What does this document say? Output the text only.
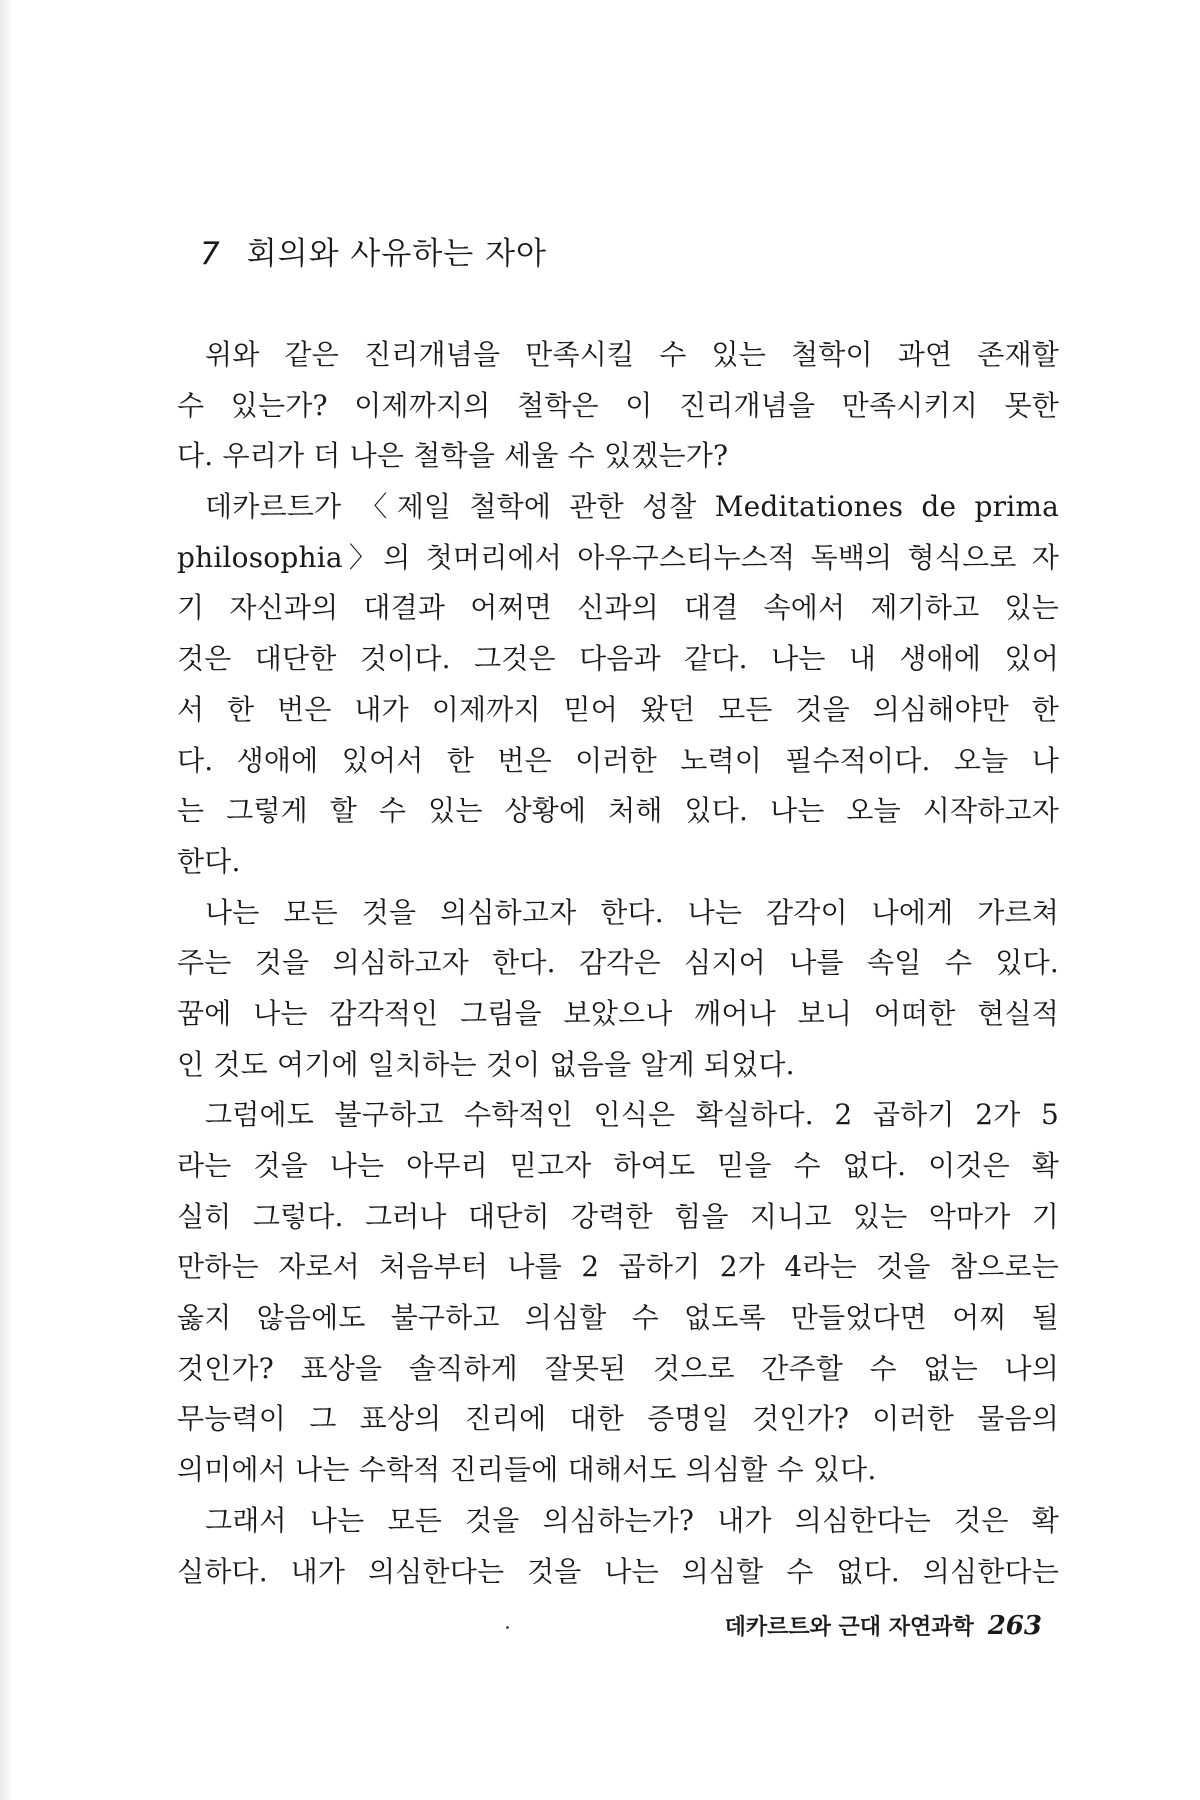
7 회의와 사유하는 자아
위와 같은 진리개념을 만족시킬 수 있는 철학이 과연 존재할
수 있는가? 이제까지의 철학은 이 진리개념을 만족시키지 못한
다. 우리가 더 나은 철학을 세울 수 있겠는가?
데카르트가 〈제일 철학에 관한 성찰 Meditationes de prima
philosophia〉의 첫머리에서 아우구스티누스적 독백의 형식으로 자
기 자신과의 대결과 어쩌면 신과의 대결 속에서 제기하고 있는
것은 대단한 것이다. 그것은 다음과 같다. 나는 내 생애에 있어
서 한 번은 내가 이제까지 믿어 왔던 모든 것을 의심해야만 한
다. 생애에 있어서 한 번은 이러한 노력이 필수적이다. 오늘 나
는 그렇게 할 수 있는 상황에 처해 있다. 나는 오늘 시작하고자
한다.
나는 모든 것을 의심하고자 한다. 나는 감각이 나에게 가르쳐
주는 것을 의심하고자 한다. 감각은 심지어 나를 속일 수 있다.
꿈에 나는 감각적인 그림을 보았으나 깨어나 보니 어떠한 현실적
인 것도 여기에 일치하는 것이 없음을 알게 되었다.
그럼에도 불구하고 수학적인 인식은 확실하다. 2 곱하기 2가 5
라는 것을 나는 아무리 믿고자 하여도 믿을 수 없다. 이것은 확
실히 그렇다. 그러나 대단히 강력한 힘을 지니고 있는 악마가 기
만하는 자로서 처음부터 나를 2 곱하기 2가 4라는 것을 참으로는
옳지 않음에도 불구하고 의심할 수 없도록 만들었다면 어찌 될
것인가? 표상을 솔직하게 잘못된 것으로 간주할 수 없는 나의
무능력이 그 표상의 진리에 대한 증명일 것인가? 이러한 물음의
의미에서 나는 수학적 진리들에 대해서도 의심할 수 있다.
그래서 나는 모든 것을 의심하는가? 내가 의심한다는 것은 확
실하다. 내가 의심한다는 것을 나는 의심할 수 없다. 의심한다는
데카르트와 근대 자연과학 263
